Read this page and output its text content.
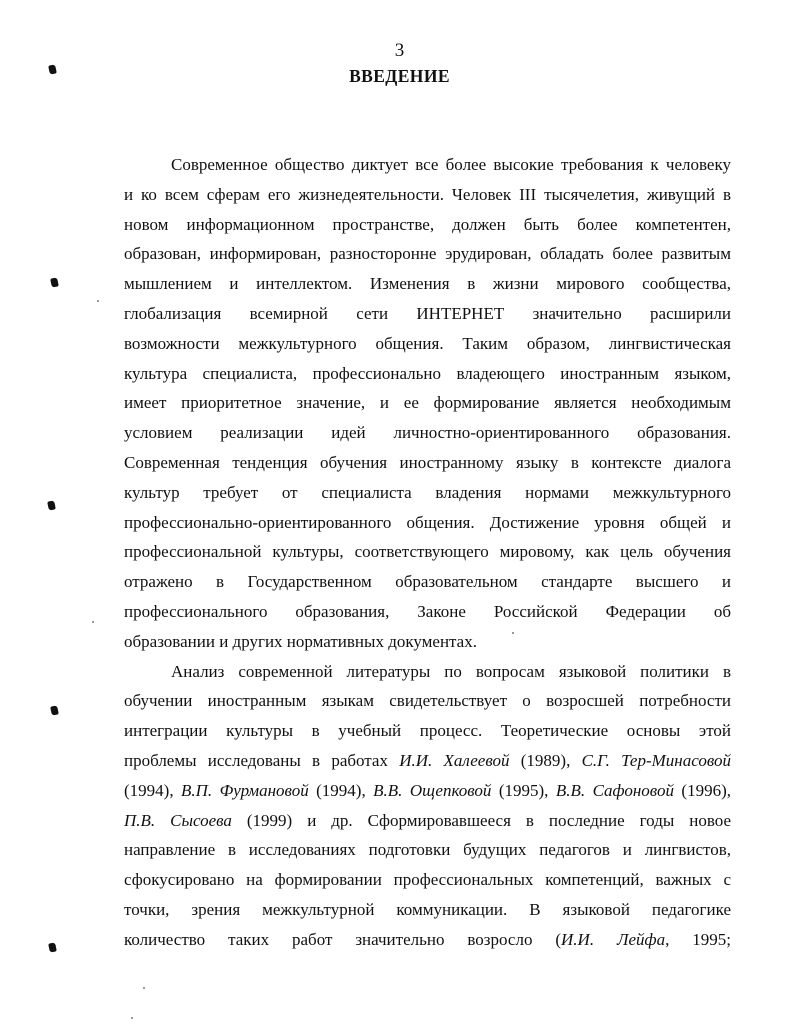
3
ВВЕДЕНИЕ
Современное общество диктует все более высокие требования к человеку
и ко всем сферам его жизнедеятельности. Человек III тысячелетия, живущий в
новом информационном пространстве, должен быть более компетентен,
образован, информирован, разносторонне эрудирован, обладать более развитым
мышлением и интеллектом. Изменения в жизни мирового сообщества,
глобализация всемирной сети ИНТЕРНЕТ значительно расширили
возможности межкультурного общения. Таким образом, лингвистическая
культура специалиста, профессионально владеющего иностранным языком,
имеет приоритетное значение, и ее формирование является необходимым
условием реализации идей личностно-ориентированного образования.
Современная тенденция обучения иностранному языку в контексте диалога
культур требует от специалиста владения нормами межкультурного
профессионально-ориентированного общения. Достижение уровня общей и
профессиональной культуры, соответствующего мировому, как цель обучения
отражено в Государственном образовательном стандарте высшего и
профессионального образования, Законе Российской Федерации об
образовании и других нормативных документах.
Анализ современной литературы по вопросам языковой политики в
обучении иностранным языкам свидетельствует о возросшей потребности
интеграции культуры в учебный процесс. Теоретические основы этой
проблемы исследованы в работах И.И. Халеевой (1989), С.Г. Тер-Минасовой
(1994), В.П. Фурмановой (1994), В.В. Ощепковой (1995), В.В. Сафоновой (1996),
П.В. Сысоева (1999) и др. Сформировавшееся в последние годы новое
направление в исследованиях подготовки будущих педагогов и лингвистов,
сфокусировано на формировании профессиональных компетенций, важных с
точки, зрения межкультурной коммуникации. В языковой педагогике
количество таких работ значительно возросло (И.И. Лейфа, 1995;
